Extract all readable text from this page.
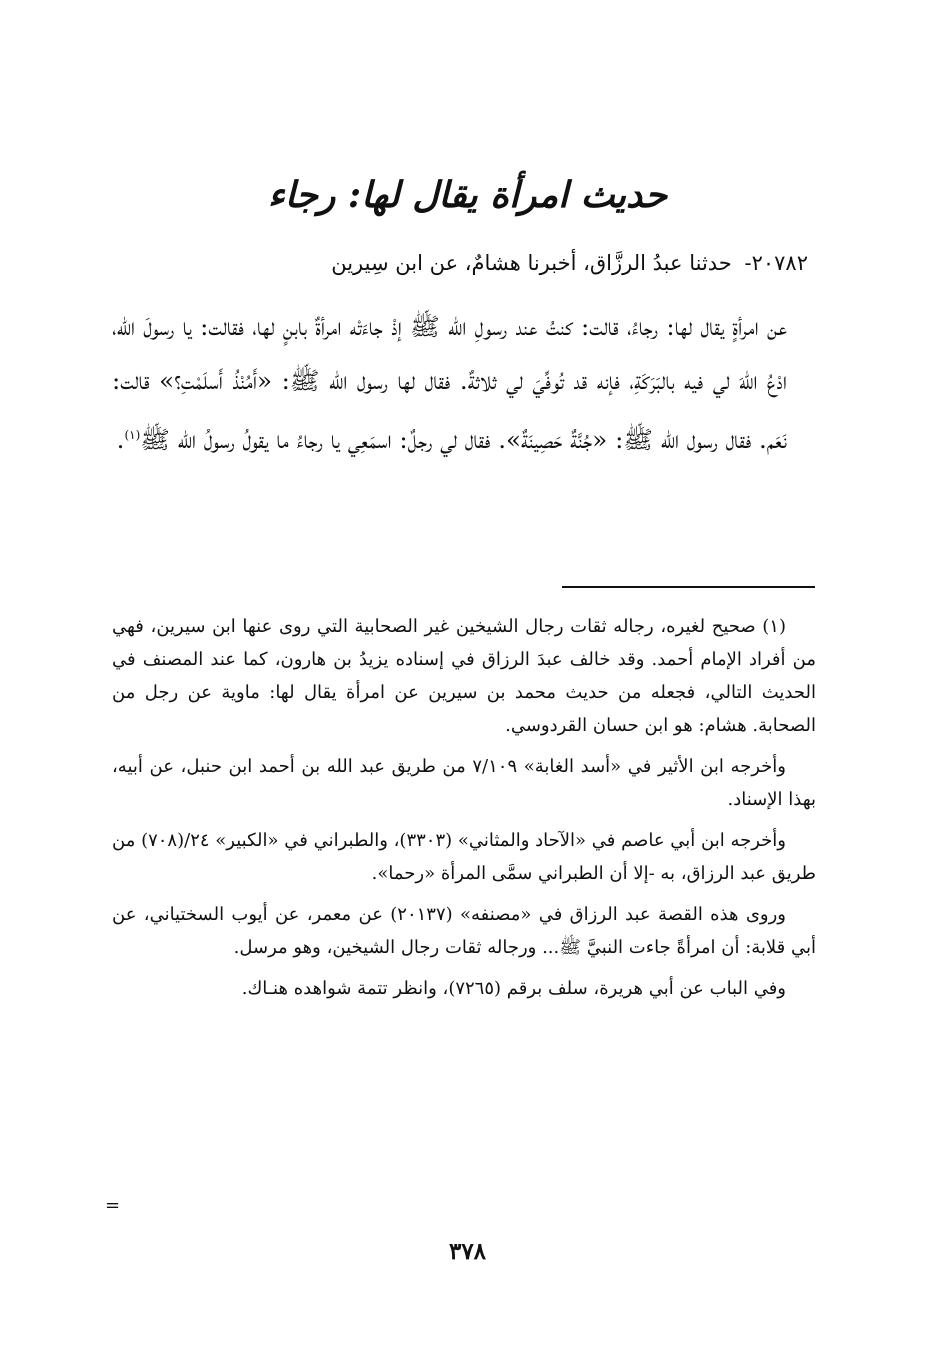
حديث امرأة يقال لها: رجاء
٢٠٧٨٢- حدثنا عبدُ الرزَّاق، أخبرنا هشامٌ، عن ابن سِيرين

عن امرأةٍ يقال لها: رجاءُ، قالت: كنتُ عند رسولِ الله ﷺ إذْ جاءَتْه امرأةٌ بابنٍ لها، فقالت: يا رسولَ الله، ادْعُ اللهَ لي فيه بالبَرَكَةِ، فإنه قد تُوفِّيَ لي ثلاثةٌ. فقال لها رسول الله ﷺ: «أَمُنْذُ أَسلَمْتِ؟» قالت: نَعَم. فقال رسول الله ﷺ: «جُنَّةٌ حَصِينَةٌ». فقال لي رجلٌ: اسمَعِي يا رجاءُ ما يقولُ رسولُ الله ﷺ$^{(١)}$.

(١) صحيح لغيره، رجاله ثقات رجال الشيخين غير الصحابية التي روى عنها ابن سيرين، فهي من أفراد الإمام أحمد. وقد خالف عبدَ الرزاق في إسناده يزيدُ بن هارون، كما عند المصنف في الحديث التالي، فجعله من حديث محمد بن سيرين عن امرأة يقال لها: ماوية عن رجل من الصحابة. هشام: هو ابن حسان القردوسي.

وأخرجه ابن الأثير في «أسد الغابة» ٧/١٠٩ من طريق عبد الله بن أحمد ابن حنبل، عن أبيه، بهذا الإسناد.

وأخرجه ابن أبي عاصم في «الآحاد والمثاني» (٣٣٠٣)، والطبراني في «الكبير» ٢٤/(٧٠٨) من طريق عبد الرزاق، به -إلا أن الطبراني سمَّى المرأة «رحما».

وروى هذه القصة عبد الرزاق في «مصنفه» (٢٠١٣٧) عن معمر، عن أيوب السختياني، عن أبي قلابة: أن امرأةً جاءت النبيَّ ﷺ... ورجاله ثقات رجال الشيخين، وهو مرسل.

وفي الباب عن أبي هريرة، سلف برقم (٧٢٦٥)، وانظر تتمة شواهده هنـاك.

=
٣٧٨
